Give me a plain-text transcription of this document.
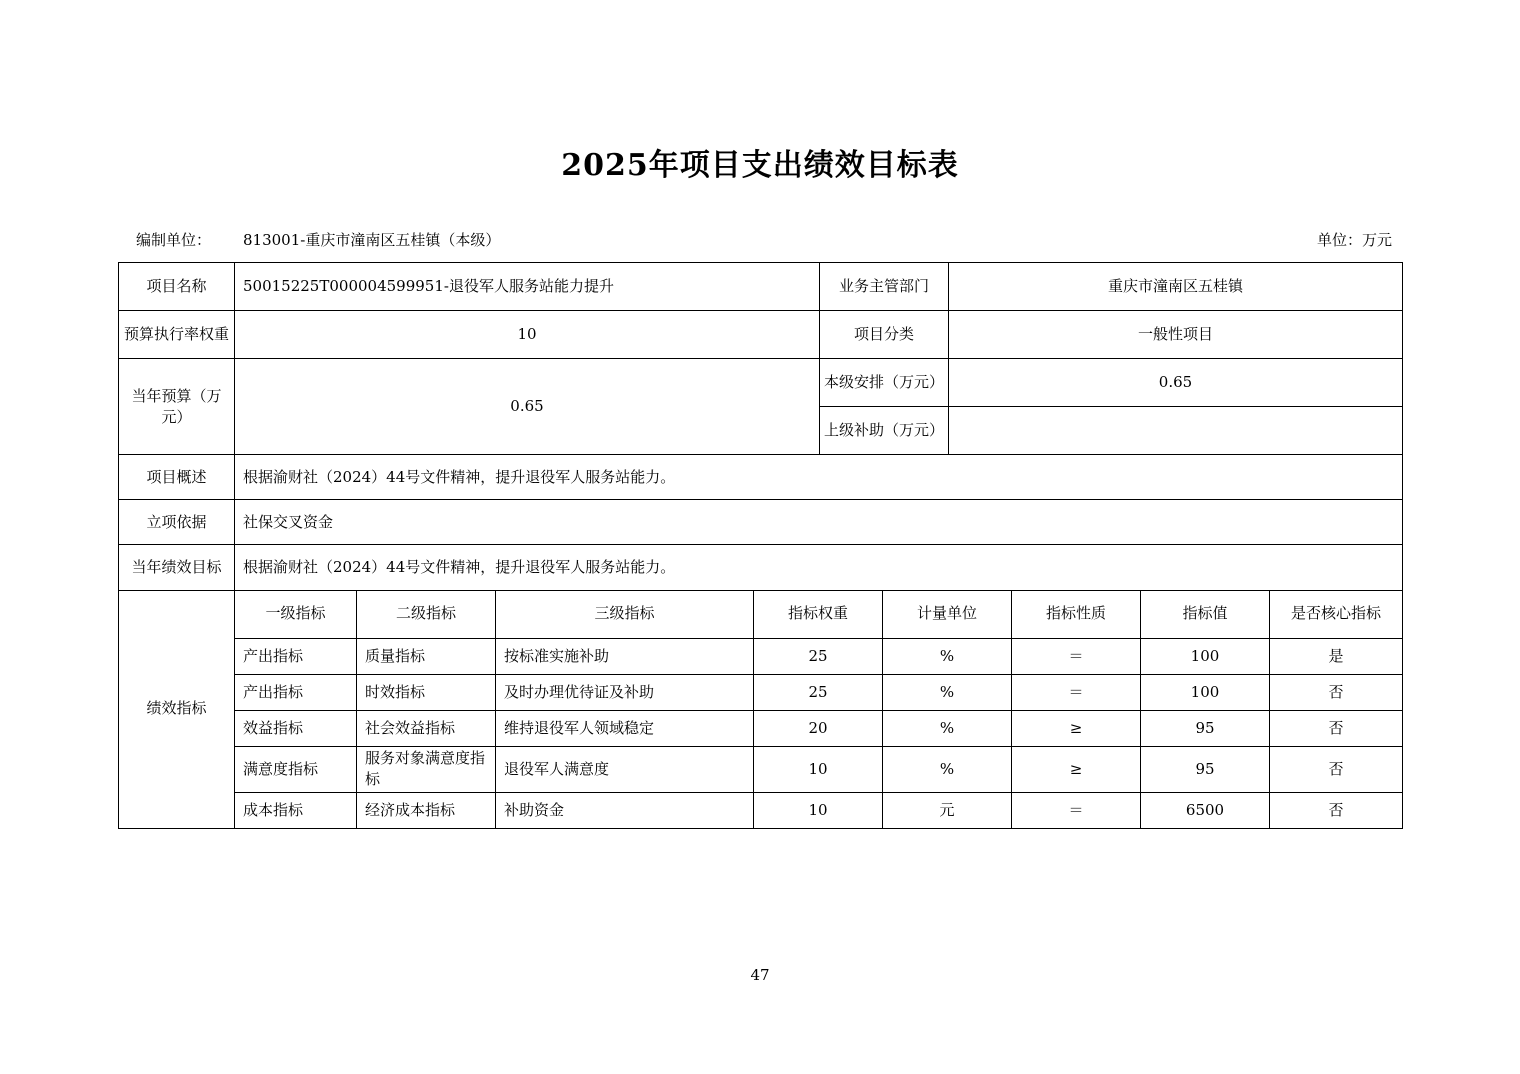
2025年项目支出绩效目标表
编制单位： 813001-重庆市潼南区五桂镇（本级）	单位：万元
项目名称	50015225T000004599951-退役军人服务站能力提升	业务主管部门	重庆市潼南区五桂镇
预算执行率权重	10	项目分类	一般性项目
当年预算（万元）	0.65	本级安排（万元）	0.65
		上级补助（万元）	
项目概述	根据渝财社（2024）44号文件精神，提升退役军人服务站能力。		
立项依据	社保交叉资金		
当年绩效目标	根据渝财社（2024）44号文件精神，提升退役军人服务站能力。		
绩效指标	一级指标	二级指标	三级指标	指标权重	计量单位	指标性质	指标值	是否核心指标
	产出指标	质量指标	按标准实施补助	25	%	＝	100	是
	产出指标	时效指标	及时办理优待证及补助	25	%	＝	100	否
	效益指标	社会效益指标	维持退役军人领域稳定	20	%	≥	95	否
	满意度指标	服务对象满意度指标	退役军人满意度	10	%	≥	95	否
	成本指标	经济成本指标	补助资金	10	元	＝	6500	否
47
